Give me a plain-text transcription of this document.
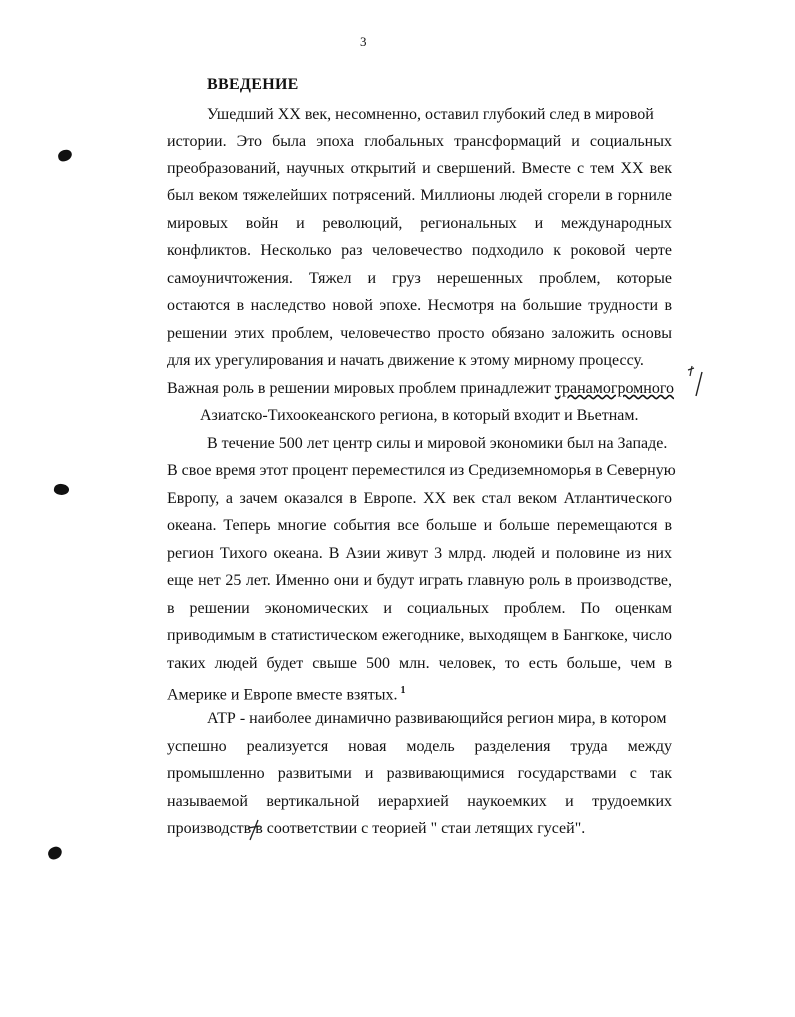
3
ВВЕДЕНИЕ
Ушедший XX век, несомненно, оставил глубокий след в мировой
истории. Это была эпоха глобальных трансформаций и социальных
преобразований, научных открытий и свершений. Вместе с тем XX век
был веком тяжелейших потрясений. Миллионы людей сгорели в горниле
мировых войн и революций, региональных и международных
конфликтов. Несколько раз человечество подходило к роковой черте
самоуничтожения. Тяжел и груз нерешенных проблем, которые
остаются в наследство новой эпохе. Несмотря на большие трудности в
решении этих проблем, человечество просто обязано заложить основы
для их урегулирования и начать движение к этому мирному процессу.
Важная роль в решении мировых проблем принадлежит транамогромного
Азиатско-Тихоокеанского региона, в который входит и Вьетнам.
В течение 500 лет центр силы и мировой экономики был на Западе.
В свое время этот процент переместился из Средиземноморья в Северную
Европу, а зачем оказался в Европе. XX век стал веком Атлантического
океана. Теперь многие события все больше и больше перемещаются в
регион Тихого океана. В Азии живут 3 млрд. людей и половине из них
еще нет 25 лет. Именно они и будут играть главную роль в производстве,
в решении экономических и социальных проблем. По оценкам
приводимым в статистическом ежегоднике, выходящем в Бангкоке, число
таких людей будет свыше 500 млн. человек, то есть больше, чем в
Америке и Европе вместе взятых. $^1$
АТР - наиболее динамично развивающийся регион мира, в котором
успешно реализуется новая модель разделения труда между
промышленно развитыми и развивающимися государствами с так
называемой вертикальной иерархией наукоемких и трудоемких
производств в соответствии с теорией " стаи летящих гусей".
